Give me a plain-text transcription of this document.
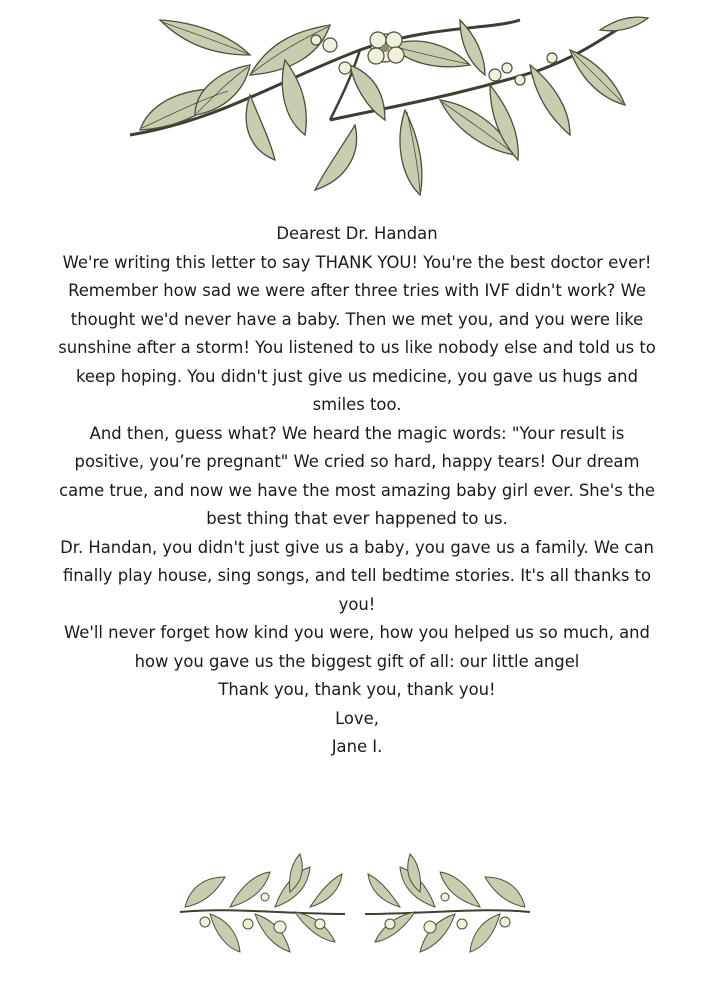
Dearest Dr. Handan

We're writing this letter to say THANK YOU! You're the best doctor ever! Remember how sad we were after three tries with IVF didn't work? We thought we'd never have a baby. Then we met you, and you were like sunshine after a storm! You listened to us like nobody else and told us to keep hoping. You didn't just give us medicine, you gave us hugs and smiles too.

And then, guess what? We heard the magic words: "Your result is positive, you’re pregnant" We cried so hard, happy tears! Our dream came true, and now we have the most amazing baby girl ever. She's the best thing that ever happened to us.

Dr. Handan, you didn't just give us a baby, you gave us a family. We can finally play house, sing songs, and tell bedtime stories. It's all thanks to you!

We'll never forget how kind you were, how you helped us so much, and how you gave us the biggest gift of all: our little angel

Thank you, thank you, thank you!

Love,

Jane I.
